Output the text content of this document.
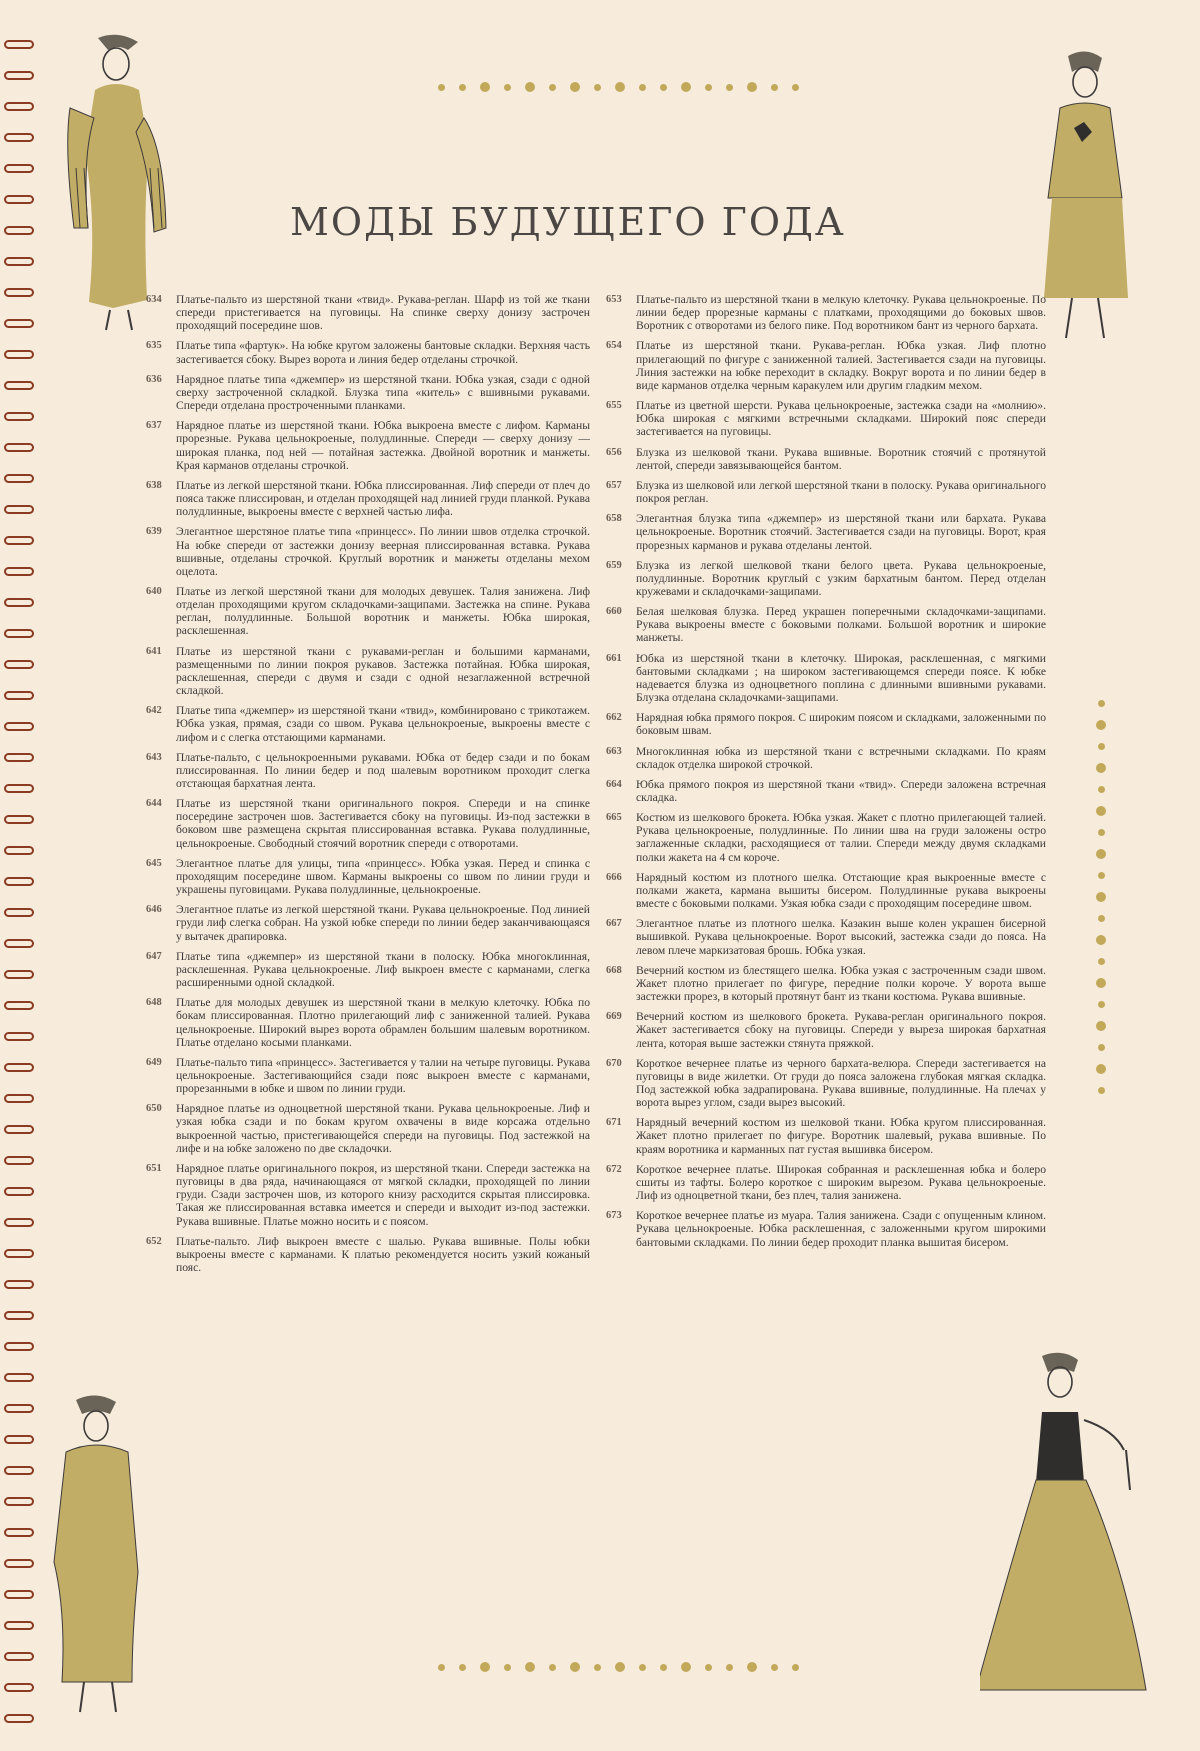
МОДЫ БУДУЩЕГО ГОДА
634	Платье-пальто из шерстяной ткани «твид». Рукава-реглан. Шарф из той же ткани спереди пристегивается на пуговицы. На спинке сверху донизу застрочен проходящий посередине шов.
635	Платье типа «фартук». На юбке кругом заложены бантовые складки. Верхняя часть застегивается сбоку. Вырез ворота и линия бедер отделаны строчкой.
636	Нарядное платье типа «джемпер» из шерстяной ткани. Юбка узкая, сзади с одной сверху застроченной складкой. Блузка типа «китель» с вшивными рукавами. Спереди отделана простроченными планками.
637	Нарядное платье из шерстяной ткани. Юбка выкроена вместе с лифом. Карманы прорезные. Рукава цельнокроеные, полудлинные. Спереди — сверху донизу — широкая планка, под ней — потайная застежка. Двойной воротник и манжеты. Края карманов отделаны строчкой.
638	Платье из легкой шерстяной ткани. Юбка плиссированная. Лиф спереди от плеч до пояса также плиссирован, и отделан проходящей над линией груди планкой. Рукава полудлинные, выкроены вместе с верхней частью лифа.
639	Элегантное шерстяное платье типа «принцесс». По линии швов отделка строчкой. На юбке спереди от застежки донизу веерная плиссированная вставка. Рукава вшивные, отделаны строчкой. Круглый воротник и манжеты отделаны мехом оцелота.
640	Платье из легкой шерстяной ткани для молодых девушек. Талия занижена. Лиф отделан проходящими кругом складочками-защипами. Застежка на спине. Рукава реглан, полудлинные. Большой воротник и манжеты. Юбка широкая, расклешенная.
641	Платье из шерстяной ткани с рукавами-реглан и большими карманами, размещенными по линии покроя рукавов. Застежка потайная. Юбка широкая, расклешенная, спереди с двумя и сзади с одной незаглаженной встречной складкой.
642	Платье типа «джемпер» из шерстяной ткани «твид», комбинировано с трикотажем. Юбка узкая, прямая, сзади со швом. Рукава цельнокроеные, выкроены вместе с лифом и с слегка отстающими карманами.
643	Платье-пальто, с цельнокроенными рукавами. Юбка от бедер сзади и по бокам плиссированная. По линии бедер и под шалевым воротником проходит слегка отстающая бархатная лента.
644	Платье из шерстяной ткани оригинального покроя. Спереди и на спинке посередине застрочен шов. Застегивается сбоку на пуговицы. Из-под застежки в боковом шве размещена скрытая плиссированная вставка. Рукава полудлинные, цельнокроеные. Свободный стоячий воротник спереди с отворотами.
645	Элегантное платье для улицы, типа «принцесс». Юбка узкая. Перед и спинка с проходящим посередине швом. Карманы выкроены со швом по линии груди и украшены пуговицами. Рукава полудлинные, цельнокроеные.
646	Элегантное платье из легкой шерстяной ткани. Рукава цельнокроеные. Под линией груди лиф слегка собран. На узкой юбке спереди по линии бедер заканчивающаяся у вытачек драпировка.
647	Платье типа «джемпер» из шерстяной ткани в полоску. Юбка многоклинная, расклешенная. Рукава цельнокроеные. Лиф выкроен вместе с карманами, слегка расширенными одной складкой.
648	Платье для молодых девушек из шерстяной ткани в мелкую клеточку. Юбка по бокам плиссированная. Плотно прилегающий лиф с заниженной талией. Рукава цельнокроеные. Широкий вырез ворота обрамлен большим шалевым воротником. Платье отделано косыми планками.
649	Платье-пальто типа «принцесс». Застегивается у талии на четыре пуговицы. Рукава цельнокроеные. Застегивающийся сзади пояс выкроен вместе с карманами, прорезанными в юбке и швом по линии груди.
650	Нарядное платье из одноцветной шерстяной ткани. Рукава цельнокроеные. Лиф и узкая юбка сзади и по бокам кругом охвачены в виде корсажа отдельно выкроенной частью, пристегивающейся спереди на пуговицы. Под застежкой на лифе и на юбке заложено по две складочки.
651	Нарядное платье оригинального покроя, из шерстяной ткани. Спереди застежка на пуговицы в два ряда, начинающаяся от мягкой складки, проходящей по линии груди. Сзади застрочен шов, из которого книзу расходится скрытая плиссировка. Такая же плиссированная вставка имеется и спереди и выходит из-под застежки. Рукава вшивные. Платье можно носить и с поясом.
652	Платье-пальто. Лиф выкроен вместе с шалью. Рукава вшивные. Полы юбки выкроены вместе с карманами. К платью рекомендуется носить узкий кожаный пояс.
653	Платье-пальто из шерстяной ткани в мелкую клеточку. Рукава цельнокроеные. По линии бедер прорезные карманы с платками, проходящими до боковых швов. Воротник с отворотами из белого пике. Под воротником бант из черного бархата.
654	Платье из шерстяной ткани. Рукава-реглан. Юбка узкая. Лиф плотно прилегающий по фигуре с заниженной талией. Застегивается сзади на пуговицы. Линия застежки на юбке переходит в складку. Вокруг ворота и по линии бедер в виде карманов отделка черным каракулем или другим гладким мехом.
655	Платье из цветной шерсти. Рукава цельнокроеные, застежка сзади на «молнию». Юбка широкая с мягкими встречными складками. Широкий пояс спереди застегивается на пуговицы.
656	Блузка из шелковой ткани. Рукава вшивные. Воротник стоячий с протянутой лентой, спереди завязывающейся бантом.
657	Блузка из шелковой или легкой шерстяной ткани в полоску. Рукава оригинального покроя реглан.
658	Элегантная блузка типа «джемпер» из шерстяной ткани или бархата. Рукава цельнокроеные. Воротник стоячий. Застегивается сзади на пуговицы. Ворот, края прорезных карманов и рукава отделаны лентой.
659	Блузка из легкой шелковой ткани белого цвета. Рукава цельнокроеные, полудлинные. Воротник круглый с узким бархатным бантом. Перед отделан кружевами и складочками-защипами.
660	Белая шелковая блузка. Перед украшен поперечными складочками-защипами. Рукава выкроены вместе с боковыми полками. Большой воротник и широкие манжеты.
661	Юбка из шерстяной ткани в клеточку. Широкая, расклешенная, с мягкими бантовыми складками ; на широком застегивающемся спереди поясе. К юбке надевается блузка из одноцветного поплина с длинными вшивными рукавами. Блузка отделана складочками-защипами.
662	Нарядная юбка прямого покроя. С широким поясом и складками, заложенными по боковым швам.
663	Многоклинная юбка из шерстяной ткани с встречными складками. По краям складок отделка широкой строчкой.
664	Юбка прямого покроя из шерстяной ткани «твид». Спереди заложена встречная складка.
665	Костюм из шелкового брокета. Юбка узкая. Жакет с плотно прилегающей талией. Рукава цельнокроеные, полудлинные. По линии шва на груди заложены остро заглаженные складки, расходящиеся от талии. Спереди между двумя складками полки жакета на 4 см короче.
666	Нарядный костюм из плотного шелка. Отстающие края выкроенные вместе с полками жакета, карманa вышиты бисером. Полудлинные рукава выкроены вместе с боковыми полками. Узкая юбка сзади с проходящим посередине швом.
667	Элегантное платье из плотного шелка. Казакин выше колен украшен бисерной вышивкой. Рукава цельнокроеные. Ворот высокий, застежка сзади до пояса. На левом плече маркизатовая брошь. Юбка узкая.
668	Вечерний костюм из блестящего шелка. Юбка узкая с застроченным сзади швом. Жакет плотно прилегает по фигуре, передние полки короче. У ворота выше застежки прорез, в который протянут бант из ткани костюма. Рукава вшивные.
669	Вечерний костюм из шелкового брокета. Рукава-реглан оригинального покроя. Жакет застегивается сбоку на пуговицы. Спереди у выреза широкая бархатная лента, которая выше застежки стянута пряжкой.
670	Короткое вечернее платье из черного бархата-велюра. Спереди застегивается на пуговицы в виде жилетки. От груди до пояса заложена глубокая мягкая складка. Под застежкой юбка задрапирована. Рукава вшивные, полудлинные. На плечах у ворота вырез углом, сзади вырез высокий.
671	Нарядный вечерний костюм из шелковой ткани. Юбка кругом плиссированная. Жакет плотно прилегает по фигуре. Воротник шалевый, рукава вшивные. По краям воротника и карманных пат густая вышивка бисером.
672	Короткое вечернее платье. Широкая собранная и расклешенная юбка и болеро сшиты из тафты. Болеро короткое с широким вырезом. Рукава цельнокроеные. Лиф из одноцветной ткани, без плеч, талия занижена.
673	Короткое вечернее платье из муара. Талия занижена. Сзади с опущенным клином. Рукава цельнокроеные. Юбка расклешенная, с заложенными кругом широкими бантовыми складками. По линии бедер проходит планка вышитая бисером.
